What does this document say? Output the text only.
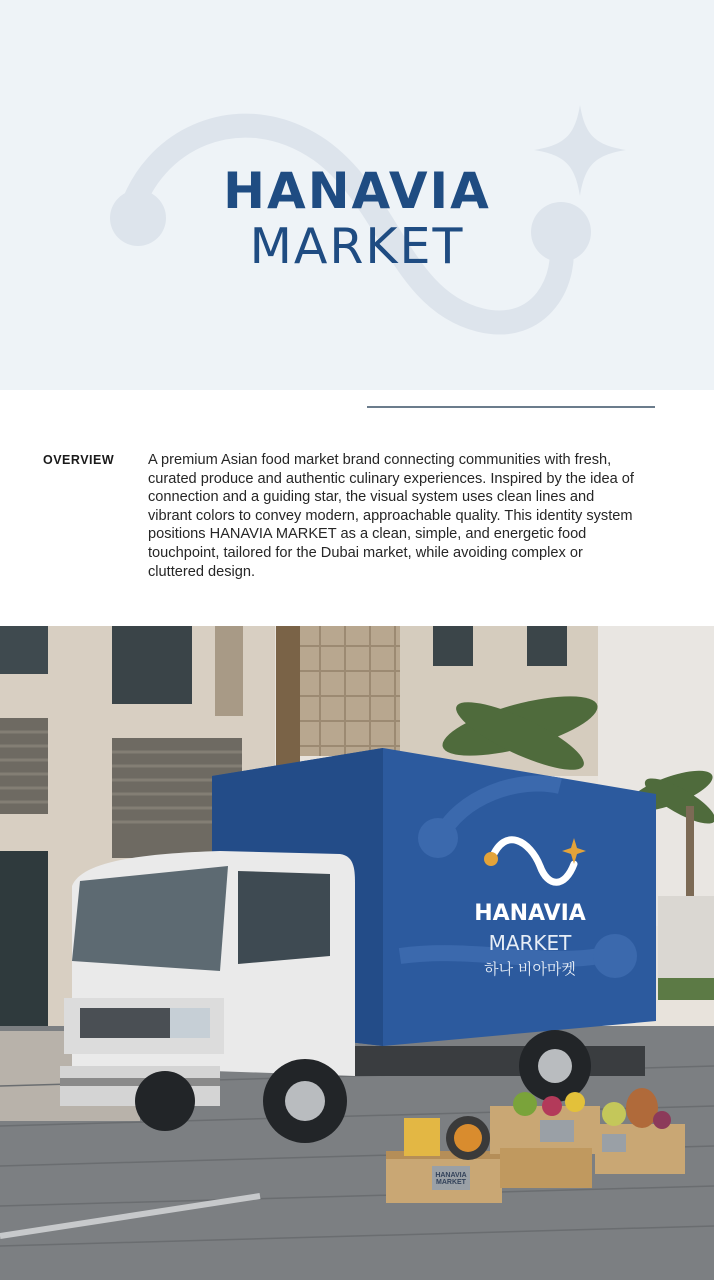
HANAVIA
MARKET
OVERVIEW A premium Asian food market brand connecting communities with fresh, curated produce and authentic culinary experiences. Inspired by the idea of connection and a guiding star, the visual system uses clean lines and vibrant colors to convey modern, approachable quality. This identity system positions HANAVIA MARKET as a clean, simple, and energetic food touchpoint, tailored for the Dubai market, while avoiding complex or cluttered design.

HANAVIA
MARKET
하나 비아마켓
HANAVIA MARKET
